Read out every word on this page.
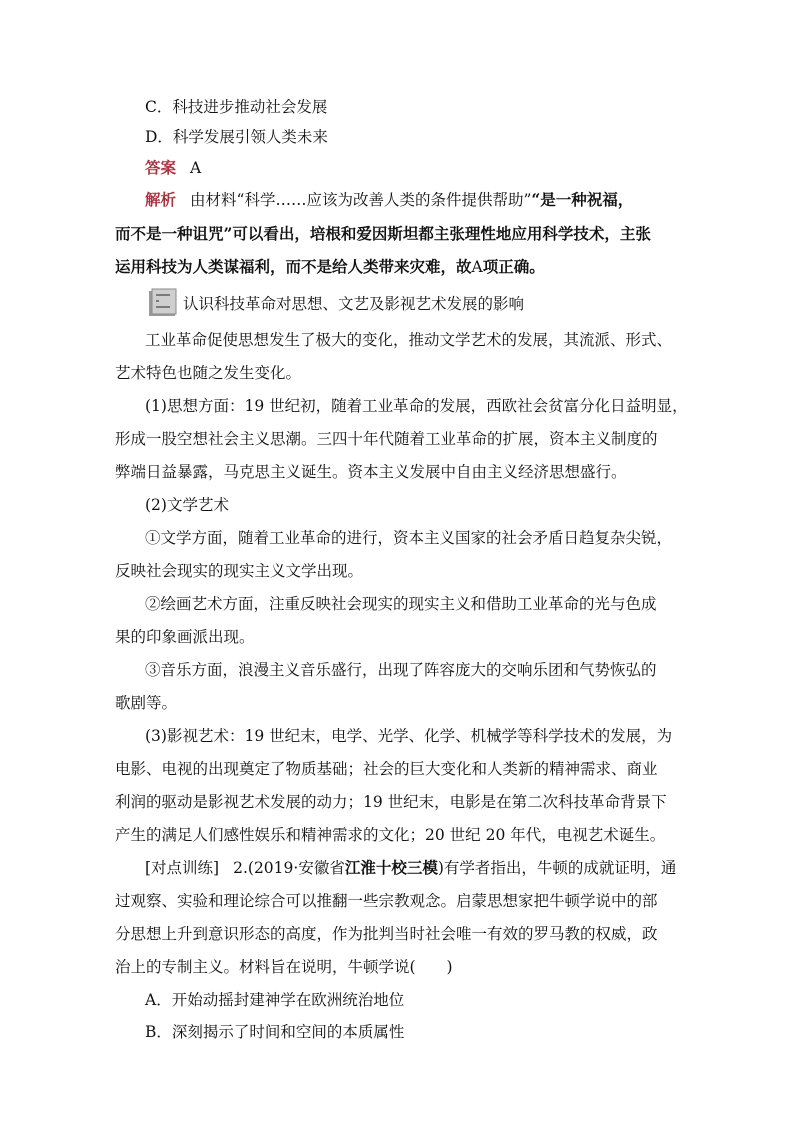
C．科技进步推动社会发展
D．科学发展引领人类未来
答案 A
解析 由材料“科学……应该为改善人类的条件提供帮助”“是一种祝福，
而不是一种诅咒”可以看出，培根和爱因斯坦都主张理性地应用科学技术，主张
运用科技为人类谋福利，而不是给人类带来灾难，故A项正确。
认识科技革命对思想、文艺及影视艺术发展的影响
工业革命促使思想发生了极大的变化，推动文学艺术的发展，其流派、形式、
艺术特色也随之发生变化。
(1)思想方面：19 世纪初，随着工业革命的发展，西欧社会贫富分化日益明显，
形成一股空想社会主义思潮。三四十年代随着工业革命的扩展，资本主义制度的
弊端日益暴露，马克思主义诞生。资本主义发展中自由主义经济思想盛行。
(2)文学艺术
①文学方面，随着工业革命的进行，资本主义国家的社会矛盾日趋复杂尖锐，
反映社会现实的现实主义文学出现。
②绘画艺术方面，注重反映社会现实的现实主义和借助工业革命的光与色成
果的印象画派出现。
③音乐方面，浪漫主义音乐盛行，出现了阵容庞大的交响乐团和气势恢弘的
歌剧等。
(3)影视艺术：19 世纪末，电学、光学、化学、机械学等科学技术的发展，为
电影、电视的出现奠定了物质基础；社会的巨大变化和人类新的精神需求、商业
利润的驱动是影视艺术发展的动力；19 世纪末，电影是在第二次科技革命背景下
产生的满足人们感性娱乐和精神需求的文化；20 世纪 20 年代，电视艺术诞生。
[对点训练] 2.(2019·安徽省江淮十校三模)有学者指出，牛顿的成就证明，通
过观察、实验和理论综合可以推翻一些宗教观念。启蒙思想家把牛顿学说中的部
分思想上升到意识形态的高度，作为批判当时社会唯一有效的罗马教的权威，政
治上的专制主义。材料旨在说明，牛顿学说(　　)
A．开始动摇封建神学在欧洲统治地位
B．深刻揭示了时间和空间的本质属性
